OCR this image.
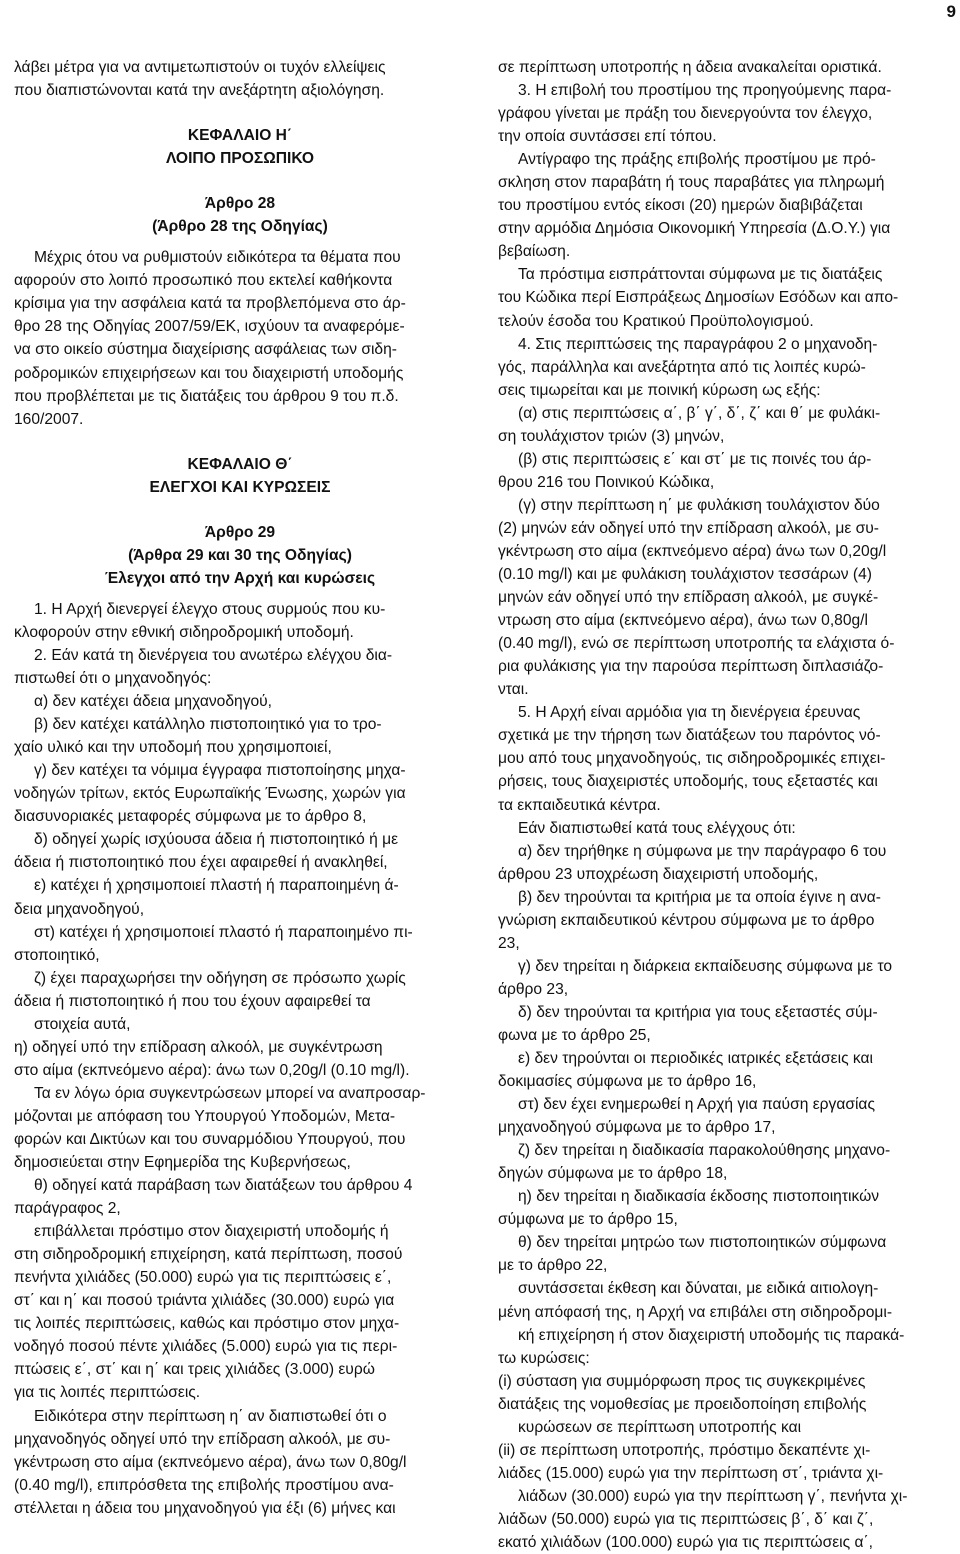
9

λάβει μέτρα για να αντιμετωπιστούν οι τυχόν ελλείψεις

που διαπιστώνονται κατά την ανεξάρτητη αξιολόγηση.

ΚΕΦΑΛΑΙΟ Η΄

ΛΟΙΠΟ ΠΡΟΣΩΠΙΚΟ

Άρθρο 28

(Άρθρο 28 της Οδηγίας)

Μέχρις ότου να ρυθμιστούν ειδικότερα τα θέματα που

αφορούν στο λοιπό προσωπικό που εκτελεί καθήκοντα

κρίσιμα για την ασφάλεια κατά τα προβλεπόμενα στο άρ-

θρο 28 της Οδηγίας 2007/59/ΕΚ, ισχύουν τα αναφερόμε-

να στο οικείο σύστημα διαχείρισης ασφάλειας των σιδη-

ροδρομικών επιχειρήσεων και του διαχειριστή υποδομής

που προβλέπεται με τις διατάξεις του άρθρου 9 του π.δ.

160/2007.

ΚΕΦΑΛΑΙΟ Θ΄

ΕΛΕΓΧΟΙ ΚΑΙ ΚΥΡΩΣΕΙΣ

Άρθρο 29

(Άρθρα 29 και 30 της Οδηγίας)

Έλεγχοι από την Αρχή και κυρώσεις

1. Η Αρχή διενεργεί έλεγχο στους συρμούς που κυ-

κλοφορούν στην εθνική σιδηροδρομική υποδομή.

2. Εάν κατά τη διενέργεια του ανωτέρω ελέγχου δια-

πιστωθεί ότι ο μηχανοδηγός:

α) δεν κατέχει άδεια μηχανοδηγού,

β) δεν κατέχει κατάλληλο πιστοποιητικό για το τρο-

χαίο υλικό και την υποδομή που χρησιμοποιεί,

γ) δεν κατέχει τα νόμιμα έγγραφα πιστοποίησης μηχα-

νοδηγών τρίτων, εκτός Ευρωπαϊκής Ένωσης, χωρών για

διασυνοριακές μεταφορές σύμφωνα με το άρθρο 8,

δ) οδηγεί χωρίς ισχύουσα άδεια ή πιστοποιητικό ή με

άδεια ή πιστοποιητικό που έχει αφαιρεθεί ή ανακληθεί,

ε) κατέχει ή χρησιμοποιεί πλαστή ή παραποιημένη ά-

δεια μηχανοδηγού,

στ) κατέχει ή χρησιμοποιεί πλαστό ή παραποιημένο πι-

στοποιητικό,

ζ) έχει παραχωρήσει την οδήγηση σε πρόσωπο χωρίς

άδεια ή πιστοποιητικό ή που του έχουν αφαιρεθεί τα

στοιχεία αυτά,

η) οδηγεί υπό την επίδραση αλκοόλ, με συγκέντρωση

στο αίμα (εκπνεόμενο αέρα): άνω των 0,20g/l (0.10 mg/l).

Τα εν λόγω όρια συγκεντρώσεων μπορεί να αναπροσαρ-

μόζονται με απόφαση του Υπουργού Υποδομών, Μετα-

φορών και Δικτύων και του συναρμόδιου Υπουργού, που

δημοσιεύεται στην Εφημερίδα της Κυβερνήσεως,

θ) οδηγεί κατά παράβαση των διατάξεων του άρθρου 4

παράγραφος 2,

επιβάλλεται πρόστιμο στον διαχειριστή υποδομής ή

στη σιδηροδρομική επιχείρηση, κατά περίπτωση, ποσού

πενήντα χιλιάδες (50.000) ευρώ για τις περιπτώσεις ε΄,

στ΄ και η΄ και ποσού τριάντα χιλιάδες (30.000) ευρώ για

τις λοιπές περιπτώσεις, καθώς και πρόστιμο στον μηχα-

νοδηγό ποσού πέντε χιλιάδες (5.000) ευρώ για τις περι-

πτώσεις ε΄, στ΄ και η΄ και τρεις χιλιάδες (3.000) ευρώ

για τις λοιπές περιπτώσεις.

Ειδικότερα στην περίπτωση η΄ αν διαπιστωθεί ότι ο

μηχανοδηγός οδηγεί υπό την επίδραση αλκοόλ, με συ-

γκέντρωση στο αίμα (εκπνεόμενο αέρα), άνω των 0,80g/l

(0.40 mg/l), επιπρόσθετα της επιβολής προστίμου ανα-

στέλλεται η άδεια του μηχανοδηγού για έξι (6) μήνες και

σε περίπτωση υποτροπής η άδεια ανακαλείται οριστικά.

3. Η επιβολή του προστίμου της προηγούμενης παρα-

γράφου γίνεται με πράξη του διενεργούντα τον έλεγχο,

την οποία συντάσσει επί τόπου.

Αντίγραφο της πράξης επιβολής προστίμου με πρό-

σκληση στον παραβάτη ή τους παραβάτες για πληρωμή

του προστίμου εντός είκοσι (20) ημερών διαβιβάζεται

στην αρμόδια Δημόσια Οικονομική Υπηρεσία (Δ.Ο.Υ.) για

βεβαίωση.

Τα πρόστιμα εισπράττονται σύμφωνα με τις διατάξεις

του Κώδικα περί Εισπράξεως Δημοσίων Εσόδων και απο-

τελούν έσοδα του Κρατικού Προϋπολογισμού.

4. Στις περιπτώσεις της παραγράφου 2 ο μηχανοδη-

γός, παράλληλα και ανεξάρτητα από τις λοιπές κυρώ-

σεις τιμωρείται και με ποινική κύρωση ως εξής:

(α) στις περιπτώσεις α΄, β΄ γ΄, δ΄, ζ΄ και θ΄ με φυλάκι-

ση τουλάχιστον τριών (3) μηνών,

(β) στις περιπτώσεις ε΄ και στ΄ με τις ποινές του άρ-

θρου 216 του Ποινικού Κώδικα,

(γ) στην περίπτωση η΄ με φυλάκιση τουλάχιστον δύο

(2) μηνών εάν οδηγεί υπό την επίδραση αλκοόλ, με συ-

γκέντρωση στο αίμα (εκπνεόμενο αέρα) άνω των 0,20g/l

(0.10 mg/l) και με φυλάκιση τουλάχιστον τεσσάρων (4)

μηνών εάν οδηγεί υπό την επίδραση αλκοόλ, με συγκέ-

ντρωση στο αίμα (εκπνεόμενο αέρα), άνω των 0,80g/l

(0.40 mg/l), ενώ σε περίπτωση υποτροπής τα ελάχιστα ό-

ρια φυλάκισης για την παρούσα περίπτωση διπλασιάζο-

νται.

5. Η Αρχή είναι αρμόδια για τη διενέργεια έρευνας

σχετικά με την τήρηση των διατάξεων του παρόντος νό-

μου από τους μηχανοδηγούς, τις σιδηροδρομικές επιχει-

ρήσεις, τους διαχειριστές υποδομής, τους εξεταστές και

τα εκπαιδευτικά κέντρα.

Εάν διαπιστωθεί κατά τους ελέγχους ότι:

α) δεν τηρήθηκε η σύμφωνα με την παράγραφο 6 του

άρθρου 23 υποχρέωση διαχειριστή υποδομής,

β) δεν τηρούνται τα κριτήρια με τα οποία έγινε η ανα-

γνώριση εκπαιδευτικού κέντρου σύμφωνα με το άρθρο

23,

γ) δεν τηρείται η διάρκεια εκπαίδευσης σύμφωνα με το

άρθρο 23,

δ) δεν τηρούνται τα κριτήρια για τους εξεταστές σύμ-

φωνα με το άρθρο 25,

ε) δεν τηρούνται οι περιοδικές ιατρικές εξετάσεις και

δοκιμασίες σύμφωνα με το άρθρο 16,

στ) δεν έχει ενημερωθεί η Αρχή για παύση εργασίας

μηχανοδηγού σύμφωνα με το άρθρο 17,

ζ) δεν τηρείται η διαδικασία παρακολούθησης μηχανο-

δηγών σύμφωνα με το άρθρο 18,

η) δεν τηρείται η διαδικασία έκδοσης πιστοποιητικών

σύμφωνα με το άρθρο 15,

θ) δεν τηρείται μητρώο των πιστοποιητικών σύμφωνα

με το άρθρο 22,

συντάσσεται έκθεση και δύναται, με ειδικά αιτιολογη-

μένη απόφασή της, η Αρχή να επιβάλει στη σιδηροδρομι-

κή επιχείρηση ή στον διαχειριστή υποδομής τις παρακά-

τω κυρώσεις:

(i) σύσταση για συμμόρφωση προς τις συγκεκριμένες

διατάξεις της νομοθεσίας με προειδοποίηση επιβολής

κυρώσεων σε περίπτωση υποτροπής και

(ii) σε περίπτωση υποτροπής, πρόστιμο δεκαπέντε χι-

λιάδες (15.000) ευρώ για την περίπτωση στ΄, τριάντα χι-

λιάδων (30.000) ευρώ για την περίπτωση γ΄, πενήντα χι-

λιάδων (50.000) ευρώ για τις περιπτώσεις β΄, δ΄ και ζ΄,

εκατό χιλιάδων (100.000) ευρώ για τις περιπτώσεις α΄,
